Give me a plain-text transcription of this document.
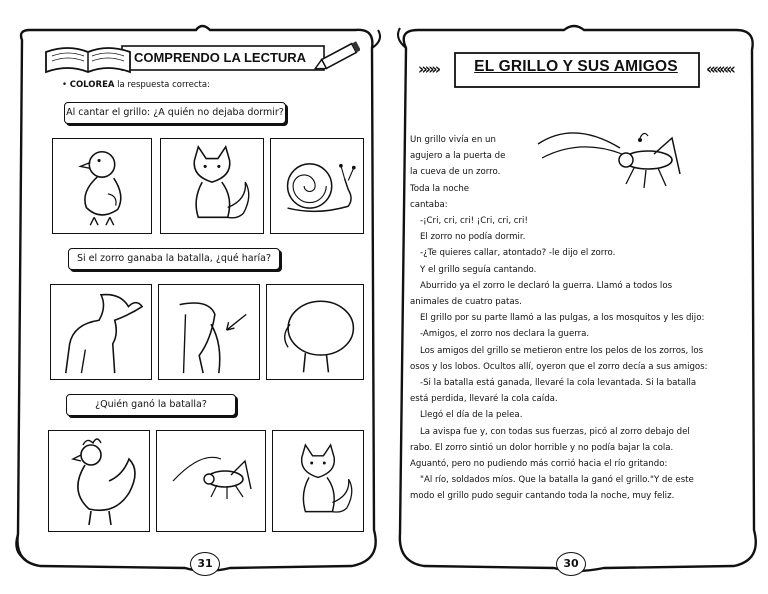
COMPRENDO LA LECTURA
• COLOREA la respuesta correcta:
Al cantar el grillo: ¿A quién no dejaba dormir?
Si el zorro ganaba la batalla, ¿qué haría?
¿Quién ganó la batalla?
31
»»»	EL GRILLO Y SUS AMIGOS	««««

Un grillo vivía en un

agujero a la puerta de

la cueva de un zorro.

Toda la noche

cantaba:

-¡Cri, cri, cri! ¡Cri, cri, cri!

El zorro no podía dormir.

-¿Te quieres callar, atontado? -le dijo el zorro.

Y el grillo seguía cantando.

Aburrido ya el zorro le declaró la guerra. Llamó a todos los

animales de cuatro patas.

El grillo por su parte llamó a las pulgas, a los mosquitos y les dijo:

-Amigos, el zorro nos declara la guerra.

Los amigos del grillo se metieron entre los pelos de los zorros, los

osos y los lobos. Ocultos allí, oyeron que el zorro decía a sus amigos:

-Si la batalla está ganada, llevaré la cola levantada. Si la batalla

está perdida, llevaré la cola caída.

Llegó el día de la pelea.

La avispa fue y, con todas sus fuerzas, picó al zorro debajo del

rabo. El zorro sintió un dolor horrible y no podía bajar la cola.

Aguantó, pero no pudiendo más corrió hacia el río gritando:

"Al río, soldados míos. Que la batalla la ganó el grillo."Y de este

modo el grillo pudo seguir cantando toda la noche, muy feliz.

30
